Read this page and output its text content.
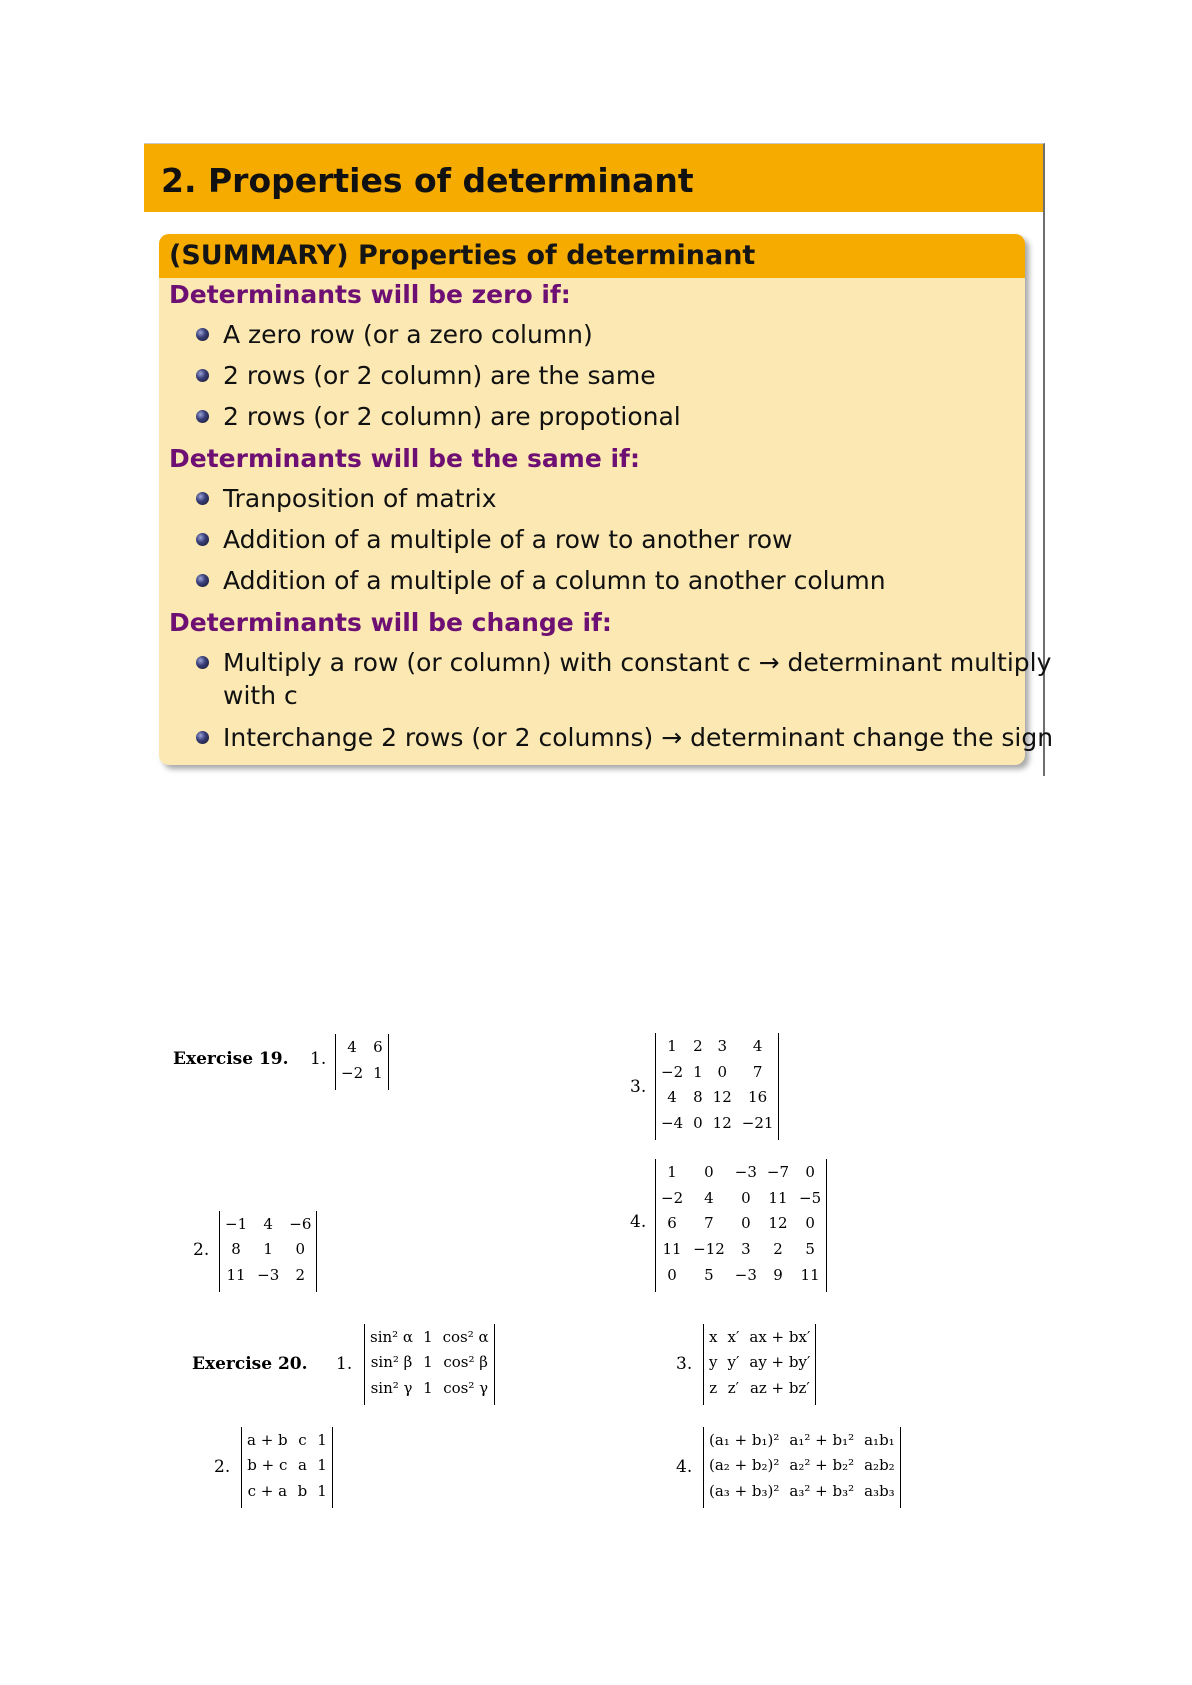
2. Properties of determinant
(SUMMARY) Properties of determinant
Determinants will be zero if:
A zero row (or a zero column)
2 rows (or 2 column) are the same
2 rows (or 2 column) are propotional
Determinants will be the same if:
Tranposition of matrix
Addition of a multiple of a row to another row
Addition of a multiple of a column to another column
Determinants will be change if:
Multiply a row (or column) with constant c → determinant multiply
with c
Interchange 2 rows (or 2 columns) → determinant change the sign
Exercise 19. 1.
4	6
−2	1
3.
1	2	3	4
−2	1	0	7
4	8	12	16
−4	0	12	−21
2.
−1	4	−6
8	1	0
11	−3	2
4.
1	0	−3	−7	0
−2	4	0	11	−5
6	7	0	12	0
11	−12	3	2	5
0	5	−3	9	11
Exercise 20. 1.
sin² α	1	cos² α
sin² β	1	cos² β
sin² γ	1	cos² γ
3.
x	x′	ax + bx′
y	y′	ay + by′
z	z′	az + bz′
2.
a + b	c	1
b + c	a	1
c + a	b	1
4.
(a₁ + b₁)²	a₁² + b₁²	a₁b₁
(a₂ + b₂)²	a₂² + b₂²	a₂b₂
(a₃ + b₃)²	a₃² + b₃²	a₃b₃
